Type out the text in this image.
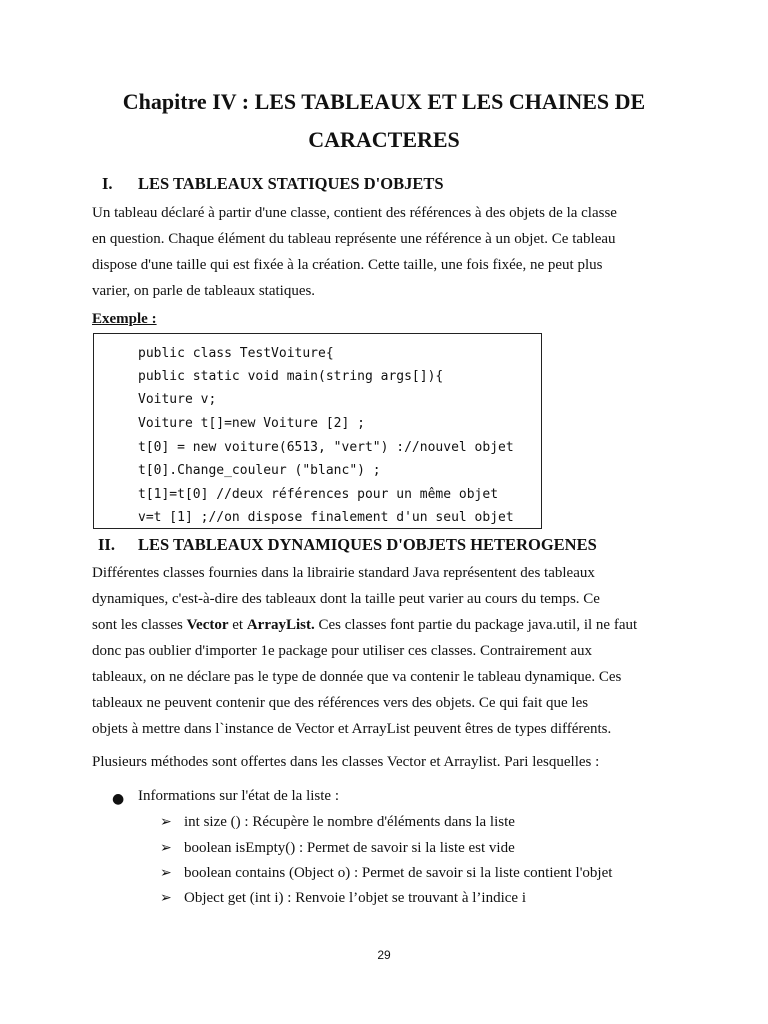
Chapitre IV : LES TABLEAUX ET LES CHAINES DE
CARACTERES
I. LES TABLEAUX STATIQUES D'OBJETS
Un tableau déclaré à partir d'une classe, contient des références à des objets de la classe
en question. Chaque élément du tableau représente une référence à un objet. Ce tableau
dispose d'une taille qui est fixée à la création. Cette taille, une fois fixée, ne peut plus
varier, on parle de tableaux statiques.
Exemple :
public class TestVoiture{
public static void main(string args[]){
Voiture v;
Voiture t[]=new Voiture [2] ;
t[0] = new voiture(6513, "vert") ://nouvel objet
t[0].Change_couleur ("blanc") ;
t[1]=t[0] //deux références pour un même objet
v=t [1] ;//on dispose finalement d'un seul objet
II. LES TABLEAUX DYNAMIQUES D'OBJETS HETEROGENES
Différentes classes fournies dans la librairie standard Java représentent des tableaux
dynamiques, c'est-à-dire des tableaux dont la taille peut varier au cours du temps. Ce
sont les classes Vector et ArrayList. Ces classes font partie du package java.util, il ne faut
donc pas oublier d'importer 1e package pour utiliser ces classes. Contrairement aux
tableaux, on ne déclare pas le type de donnée que va contenir le tableau dynamique. Ces
tableaux ne peuvent contenir que des références vers des objets. Ce qui fait que les
objets à mettre dans l`instance de Vector et ArrayList peuvent êtres de types différents.
Plusieurs méthodes sont offertes dans les classes Vector et Arraylist. Pari lesquelles :
● Informations sur l'état de la liste :
➢ int size () : Récupère le nombre d'éléments dans la liste
➢ boolean isEmpty() : Permet de savoir si la liste est vide
➢ boolean contains (Object o) : Permet de savoir si la liste contient l'objet
➢ Object get (int i) : Renvoie l’objet se trouvant à l’indice i
29
